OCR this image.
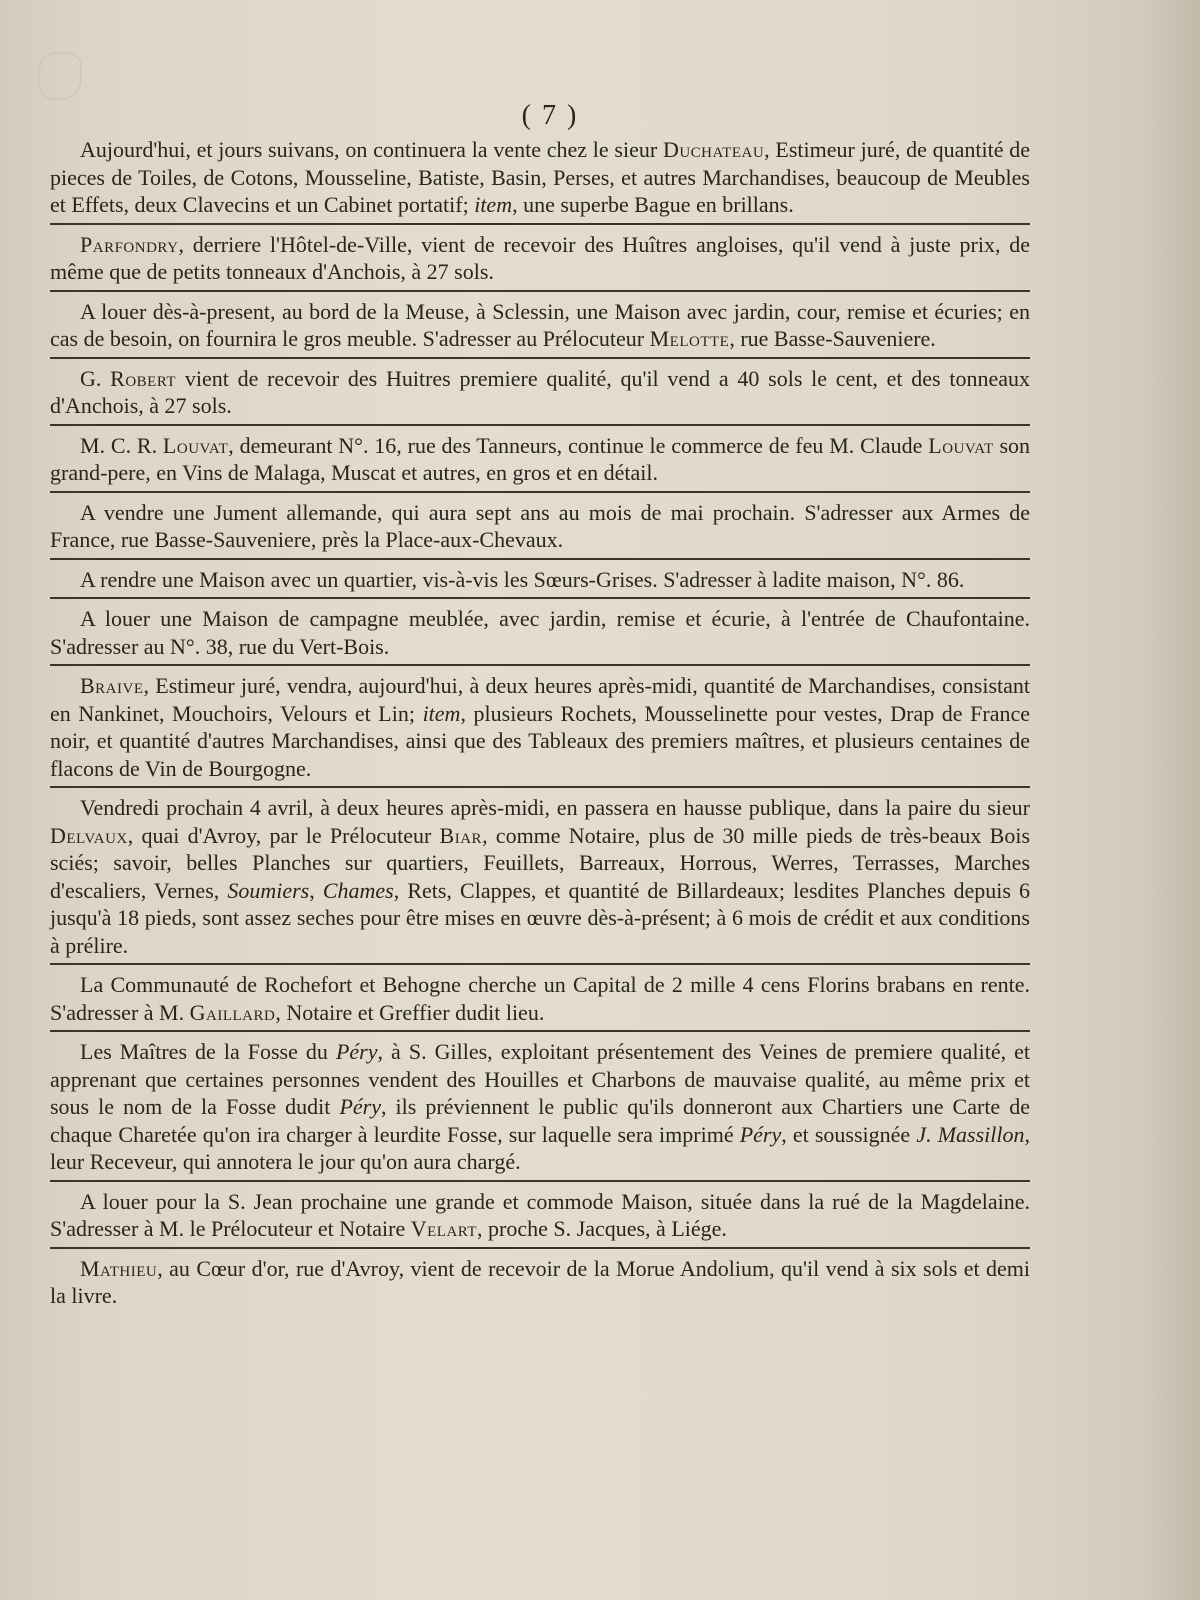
( 7 )

Aujourd'hui, et jours suivans, on continuera la vente chez le sieur Duchateau, Estimeur juré, de quantité de pieces de Toiles, de Cotons, Mousseline, Batiste, Basin, Perses, et autres Marchandises, beaucoup de Meubles et Effets, deux Clavecins et un Cabinet portatif; item, une superbe Bague en brillans.

Parfondry, derriere l'Hôtel-de-Ville, vient de recevoir des Huîtres angloises, qu'il vend à juste prix, de même que de petits tonneaux d'Anchois, à 27 sols.

A louer dès-à-present, au bord de la Meuse, à Sclessin, une Maison avec jardin, cour, remise et écuries; en cas de besoin, on fournira le gros meuble. S'adresser au Prélocuteur Melotte, rue Basse-Sauveniere.

G. Robert vient de recevoir des Huitres premiere qualité, qu'il vend a 40 sols le cent, et des tonneaux d'Anchois, à 27 sols.

M. C. R. Louvat, demeurant N°. 16, rue des Tanneurs, continue le commerce de feu M. Claude Louvat son grand-pere, en Vins de Malaga, Muscat et autres, en gros et en détail.

A vendre une Jument allemande, qui aura sept ans au mois de mai prochain. S'adresser aux Armes de France, rue Basse-Sauveniere, près la Place-aux-Chevaux.

A rendre une Maison avec un quartier, vis-à-vis les Sœurs-Grises. S'adresser à ladite maison, N°. 86.

A louer une Maison de campagne meublée, avec jardin, remise et écurie, à l'entrée de Chaufontaine. S'adresser au N°. 38, rue du Vert-Bois.

Braive, Estimeur juré, vendra, aujourd'hui, à deux heures après-midi, quantité de Marchandises, consistant en Nankinet, Mouchoirs, Velours et Lin; item, plusieurs Rochets, Mousselinette pour vestes, Drap de France noir, et quantité d'autres Marchandises, ainsi que des Tableaux des premiers maîtres, et plusieurs centaines de flacons de Vin de Bourgogne.

Vendredi prochain 4 avril, à deux heures après-midi, en passera en hausse publique, dans la paire du sieur Delvaux, quai d'Avroy, par le Prélocuteur Biar, comme Notaire, plus de 30 mille pieds de très-beaux Bois sciés; savoir, belles Planches sur quartiers, Feuillets, Barreaux, Horrous, Werres, Terrasses, Marches d'escaliers, Vernes, Soumiers, Chames, Rets, Clappes, et quantité de Billardeaux; lesdites Planches depuis 6 jusqu'à 18 pieds, sont assez seches pour être mises en œuvre dès-à-présent; à 6 mois de crédit et aux conditions à prélire.

La Communauté de Rochefort et Behogne cherche un Capital de 2 mille 4 cens Florins brabans en rente. S'adresser à M. Gaillard, Notaire et Greffier dudit lieu.

Les Maîtres de la Fosse du Péry, à S. Gilles, exploitant présentement des Veines de premiere qualité, et apprenant que certaines personnes vendent des Houilles et Charbons de mauvaise qualité, au même prix et sous le nom de la Fosse dudit Péry, ils préviennent le public qu'ils donneront aux Chartiers une Carte de chaque Charetée qu'on ira charger à leurdite Fosse, sur laquelle sera imprimé Péry, et soussignée J. Massillon, leur Receveur, qui annotera le jour qu'on aura chargé.

A louer pour la S. Jean prochaine une grande et commode Maison, située dans la rué de la Magdelaine. S'adresser à M. le Prélocuteur et Notaire Velart, proche S. Jacques, à Liége.

Mathieu, au Cœur d'or, rue d'Avroy, vient de recevoir de la Morue Andolium, qu'il vend à six sols et demi la livre.
